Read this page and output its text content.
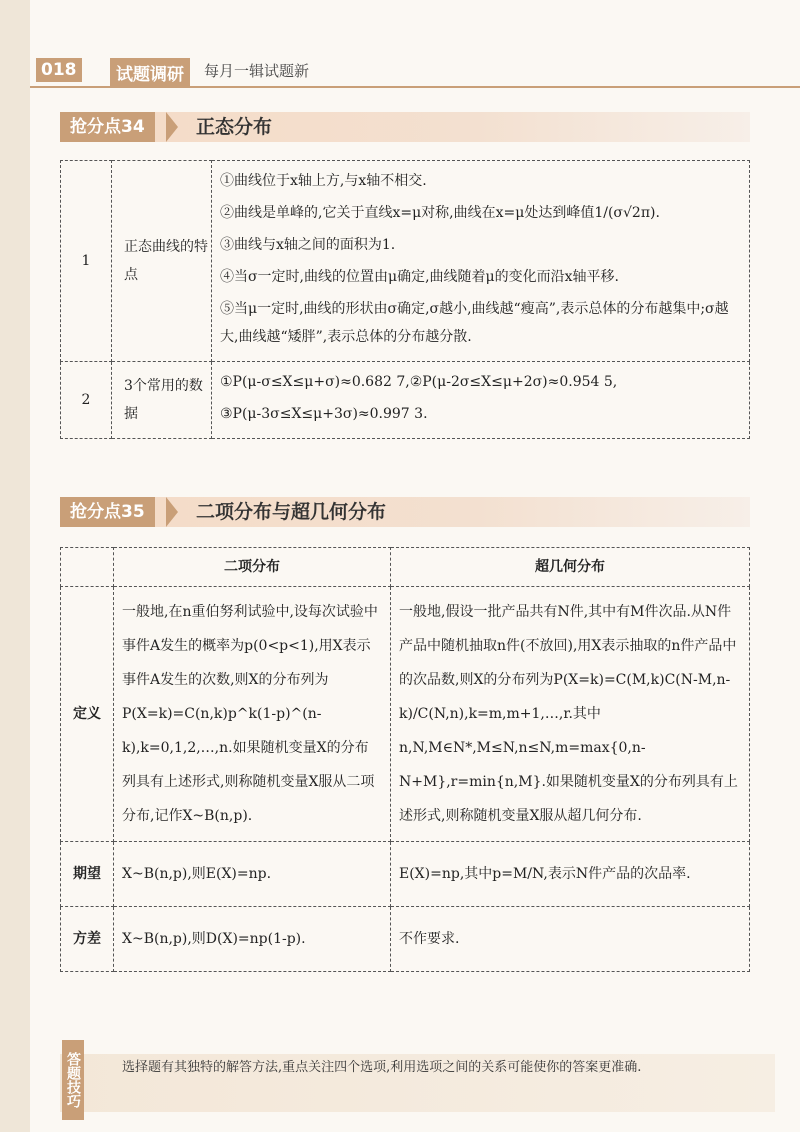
018	试题调研	每月一辑试题新
抢分点34	正态分布
1	正态曲线的特点	①曲线位于x轴上方,与x轴不相交.

②曲线是单峰的,它关于直线x=μ对称,曲线在x=μ处达到峰值1/(σ√2π).

③曲线与x轴之间的面积为1.

④当σ一定时,曲线的位置由μ确定,曲线随着μ的变化而沿x轴平移.

⑤当μ一定时,曲线的形状由σ确定,σ越小,曲线越“瘦高”,表示总体的分布越集中;σ越大,曲线越“矮胖”,表示总体的分布越分散.

2	3个常用的数据	①P(μ-σ≤X≤μ+σ)≈0.682 7,②P(μ-2σ≤X≤μ+2σ)≈0.954 5,

③P(μ-3σ≤X≤μ+3σ)≈0.997 3.

抢分点35	二项分布与超几何分布
	二项分布	超几何分布
定义	一般地,在n重伯努利试验中,设每次试验中事件A发生的概率为p(0<p<1),用X表示事件A发生的次数,则X的分布列为P(X=k)=C(n,k)p^k(1-p)^(n-k),k=0,1,2,…,n.如果随机变量X的分布列具有上述形式,则称随机变量X服从二项分布,记作X~B(n,p).	一般地,假设一批产品共有N件,其中有M件次品.从N件产品中随机抽取n件(不放回),用X表示抽取的n件产品中的次品数,则X的分布列为P(X=k)=C(M,k)C(N-M,n-k)/C(N,n),k=m,m+1,…,r.其中n,N,M∈N*,M≤N,n≤N,m=max{0,n-N+M},r=min{n,M}.如果随机变量X的分布列具有上述形式,则称随机变量X服从超几何分布.
期望	X~B(n,p),则E(X)=np.	E(X)=np,其中p=M/N,表示N件产品的次品率.
方差	X~B(n,p),则D(X)=np(1-p).	不作要求.
答题技巧	选择题有其独特的解答方法,重点关注四个选项,利用选项之间的关系可能使你的答案更准确.
